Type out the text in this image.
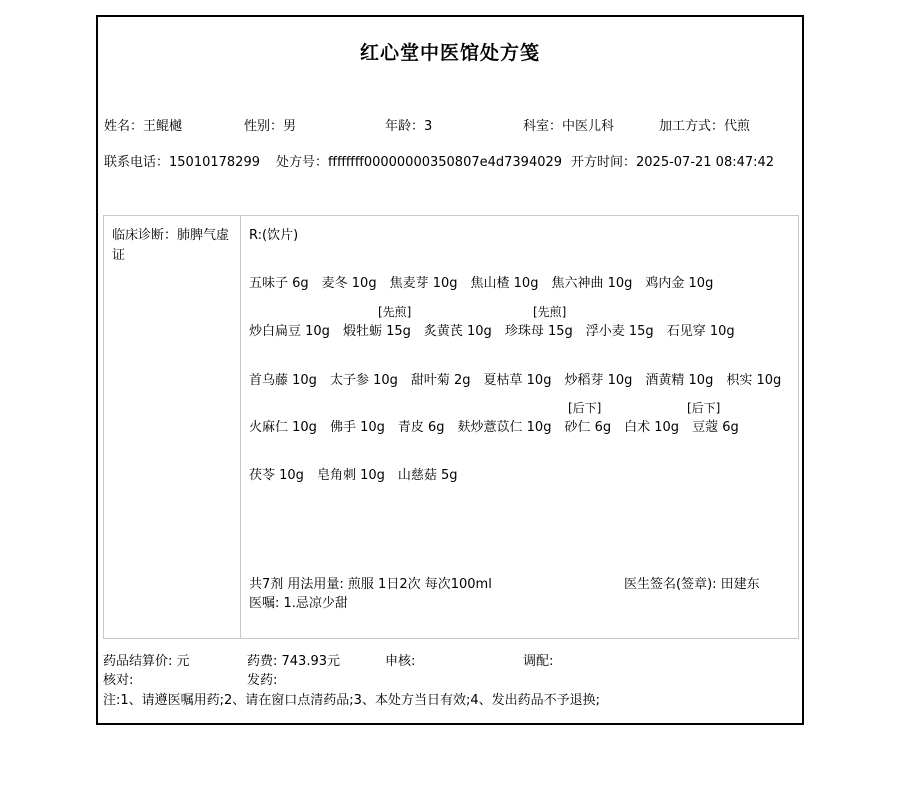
红心堂中医馆处方笺
姓名：王鲲樾	性别：男	年龄：3	科室：中医儿科	加工方式：代煎
联系电话：15010178299 处方号：ffffffff00000000350807e4d7394029 开方时间：2025-07-21 08:47:42
临床诊断：肺脾气虚证
R:(饮片)
五味子 6g 麦冬 10g 焦麦芽 10g 焦山楂 10g 焦六神曲 10g 鸡内金 10g
[先煎]	[先煎]
炒白扁豆 10g 煅牡蛎 15g 炙黄芪 10g 珍珠母 15g 浮小麦 15g 石见穿 10g
首乌藤 10g 太子参 10g 甜叶菊 2g 夏枯草 10g 炒稻芽 10g 酒黄精 10g 枳实 10g
[后下]	[后下]
火麻仁 10g 佛手 10g 青皮 6g 麸炒薏苡仁 10g 砂仁 6g 白术 10g 豆蔻 6g
茯苓 10g 皂角刺 10g 山慈菇 5g
共7剂 用法用量: 煎服 1日2次 每次100ml	医生签名(签章): 田建东
医嘱: 1.忌凉少甜
药品结算价: 元	药费: 743.93元	申核:	调配:
核对:	发药:
注:1、请遵医嘱用药;2、请在窗口点清药品;3、本处方当日有效;4、发出药品不予退换;
